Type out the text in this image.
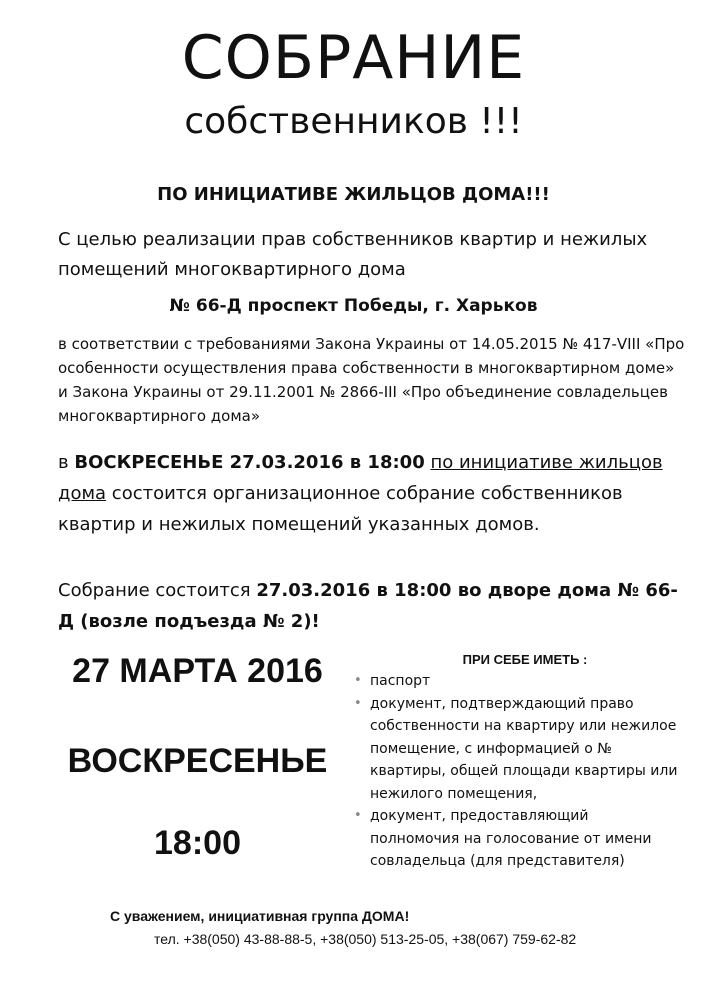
СОБРАНИЕ
собственников !!!
ПО ИНИЦИАТИВЕ ЖИЛЬЦОВ ДОМА!!!
С целью реализации прав собственников квартир и нежилых помещений многоквартирного дома
№ 66-Д проспект Победы, г. Харьков
в соответствии с требованиями Закона Украины от 14.05.2015 № 417-VIII «Про особенности осуществления права собственности в многоквартирном доме» и Закона Украины от 29.11.2001 № 2866-III «Про объединение совладельцев многоквартирного дома»
в ВОСКРЕСЕНЬЕ 27.03.2016 в 18:00 по инициативе жильцов дома состоится организационное собрание собственников квартир и нежилых помещений указанных домов.
Собрание состоится 27.03.2016 в 18:00 во дворе дома № 66-Д (возле подъезда № 2)!
27 МАРТА 2016
ВОСКРЕСЕНЬЕ
18:00
ПРИ СЕБЕ ИМЕТЬ :
• паспорт
• документ, подтверждающий право собственности на квартиру или нежилое помещение, с информацией о № квартиры, общей площади квартиры или нежилого помещения,
• документ, предоставляющий полномочия на голосование от имени совладельца (для представителя)
С уважением, инициативная группа ДОМА!
тел. +38(050) 43-88-88-5, +38(050) 513-25-05, +38(067) 759-62-82
